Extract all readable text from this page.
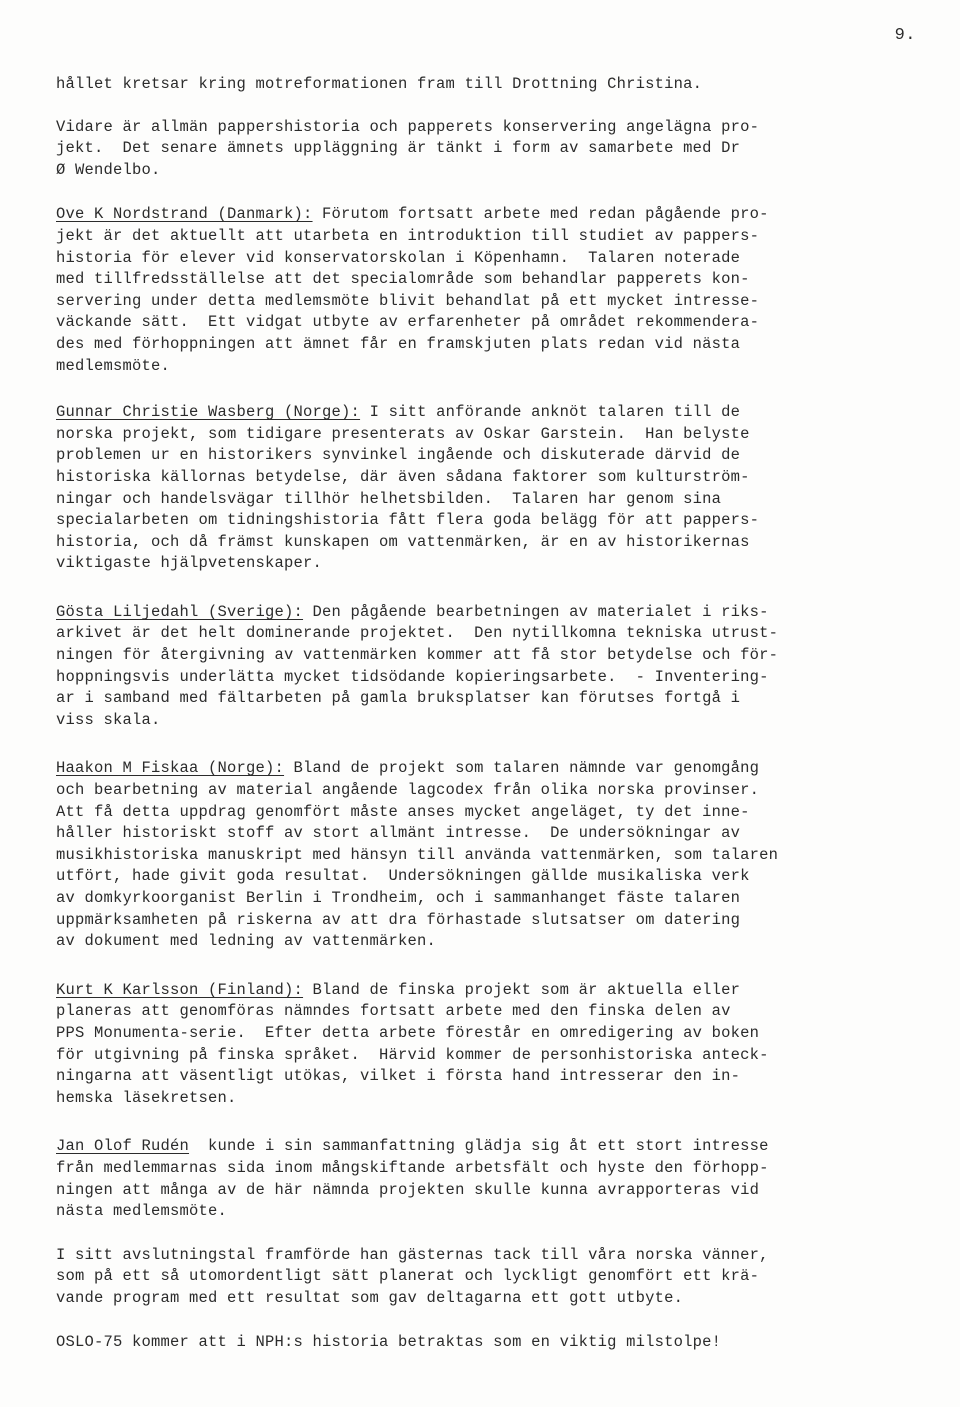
9.
hållet kretsar kring motreformationen fram till Drottning Christina.
Vidare är allmän pappershistoria och papperets konservering angelägna pro-
jekt.  Det senare ämnets uppläggning är tänkt i form av samarbete med Dr
Ø Wendelbo.
Ove K Nordstrand (Danmark): Förutom fortsatt arbete med redan pågående pro-
jekt är det aktuellt att utarbeta en introduktion till studiet av pappers-
historia för elever vid konservatorskolan i Köpenhamn.  Talaren noterade
med tillfredsställelse att det specialområde som behandlar papperets kon-
servering under detta medlemsmöte blivit behandlat på ett mycket intresse-
väckande sätt.  Ett vidgat utbyte av erfarenheter på området rekommendera-
des med förhoppningen att ämnet får en framskjuten plats redan vid nästa
medlemsmöte.
Gunnar Christie Wasberg (Norge): I sitt anförande anknöt talaren till de
norska projekt, som tidigare presenterats av Oskar Garstein.  Han belyste
problemen ur en historikers synvinkel ingående och diskuterade därvid de
historiska källornas betydelse, där även sådana faktorer som kulturström-
ningar och handelsvägar tillhör helhetsbilden.  Talaren har genom sina
specialarbeten om tidningshistoria fått flera goda belägg för att pappers-
historia, och då främst kunskapen om vattenmärken, är en av historikernas
viktigaste hjälpvetenskaper.
Gösta Liljedahl (Sverige): Den pågående bearbetningen av materialet i riks-
arkivet är det helt dominerande projektet.  Den nytillkomna tekniska utrust-
ningen för återgivning av vattenmärken kommer att få stor betydelse och för-
hoppningsvis underlätta mycket tidsödande kopieringsarbete.  - Inventering-
ar i samband med fältarbeten på gamla bruksplatser kan förutses fortgå i
viss skala.
Haakon M Fiskaa (Norge): Bland de projekt som talaren nämnde var genomgång
och bearbetning av material angående lagcodex från olika norska provinser.
Att få detta uppdrag genomfört måste anses mycket angeläget, ty det inne-
håller historiskt stoff av stort allmänt intresse.  De undersökningar av
musikhistoriska manuskript med hänsyn till använda vattenmärken, som talaren
utfört, hade givit goda resultat.  Undersökningen gällde musikaliska verk
av domkyrkoorganist Berlin i Trondheim, och i sammanhanget fäste talaren
uppmärksamheten på riskerna av att dra förhastade slutsatser om datering
av dokument med ledning av vattenmärken.
Kurt K Karlsson (Finland): Bland de finska projekt som är aktuella eller
planeras att genomföras nämndes fortsatt arbete med den finska delen av
PPS Monumenta-serie.  Efter detta arbete förestår en omredigering av boken
för utgivning på finska språket.  Härvid kommer de personhistoriska anteck-
ningarna att väsentligt utökas, vilket i första hand intresserar den in-
hemska läsekretsen.
Jan Olof Rudén  kunde i sin sammanfattning glädja sig åt ett stort intresse
från medlemmarnas sida inom mångskiftande arbetsfält och hyste den förhopp-
ningen att många av de här nämnda projekten skulle kunna avrapporteras vid
nästa medlemsmöte.
I sitt avslutningstal framförde han gästernas tack till våra norska vänner,
som på ett så utomordentligt sätt planerat och lyckligt genomfört ett krä-
vande program med ett resultat som gav deltagarna ett gott utbyte.
OSLO-75 kommer att i NPH:s historia betraktas som en viktig milstolpe!
